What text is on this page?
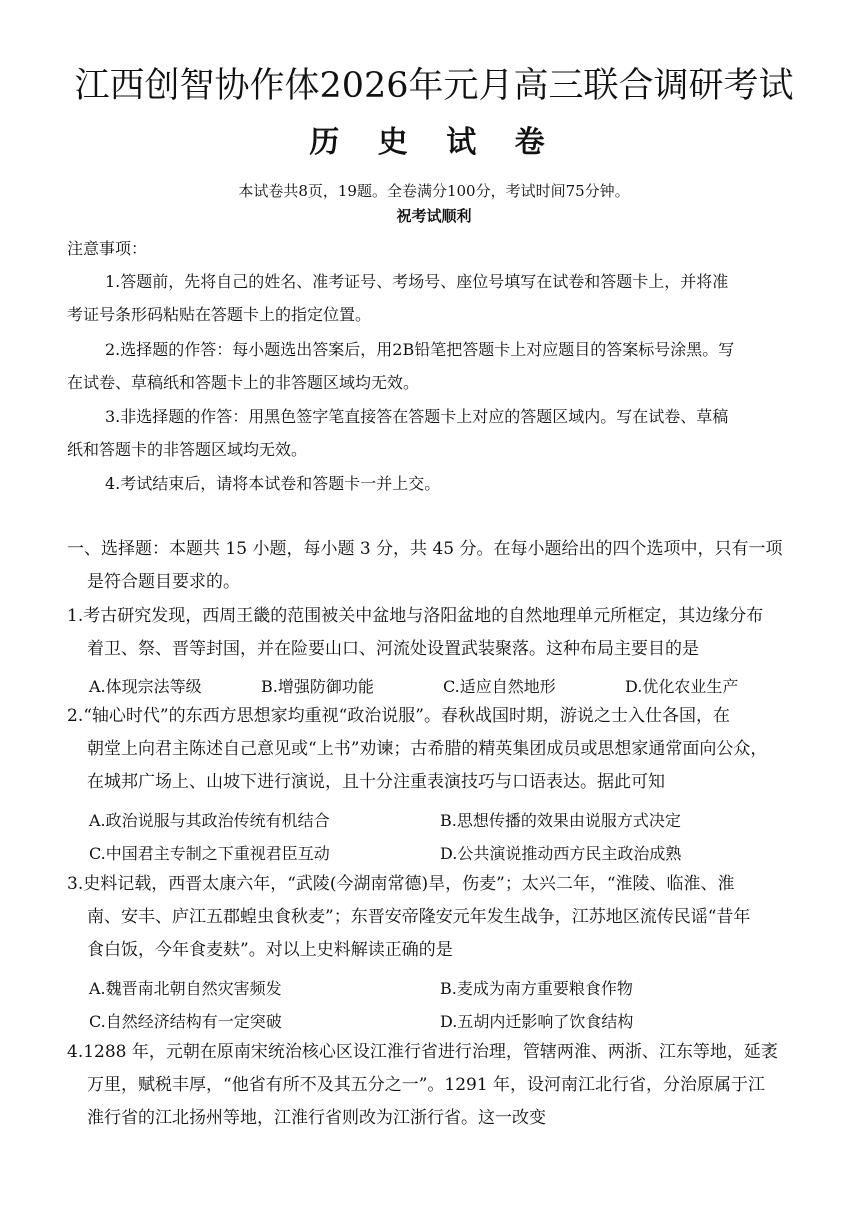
江西创智协作体2026年元月高三联合调研考试
历 史 试 卷
本试卷共8页，19题。全卷满分100分，考试时间75分钟。
祝考试顺利
注意事项：
1.答题前，先将自己的姓名、准考证号、考场号、座位号填写在试卷和答题卡上，并将准
考证号条形码粘贴在答题卡上的指定位置。
2.选择题的作答：每小题选出答案后，用2B铅笔把答题卡上对应题目的答案标号涂黑。写
在试卷、草稿纸和答题卡上的非答题区域均无效。
3.非选择题的作答：用黑色签字笔直接答在答题卡上对应的答题区域内。写在试卷、草稿
纸和答题卡的非答题区域均无效。
4.考试结束后，请将本试卷和答题卡一并上交。
一、选择题：本题共 15 小题，每小题 3 分，共 45 分。在每小题给出的四个选项中，只有一项
是符合题目要求的。
1.考古研究发现，西周王畿的范围被关中盆地与洛阳盆地的自然地理单元所框定，其边缘分布
着卫、祭、晋等封国，并在险要山口、河流处设置武装聚落。这种布局主要目的是
A.体现宗法等级	B.增强防御功能	C.适应自然地形	D.优化农业生产
2.“轴心时代”的东西方思想家均重视“政治说服”。春秋战国时期，游说之士入仕各国，在
朝堂上向君主陈述自己意见或“上书”劝谏；古希腊的精英集团成员或思想家通常面向公众，
在城邦广场上、山坡下进行演说，且十分注重表演技巧与口语表达。据此可知
A.政治说服与其政治传统有机结合	B.思想传播的效果由说服方式决定
C.中国君主专制之下重视君臣互动	D.公共演说推动西方民主政治成熟
3.史料记载，西晋太康六年，“武陵(今湖南常德)旱，伤麦”；太兴二年，“淮陵、临淮、淮
南、安丰、庐江五郡蝗虫食秋麦”；东晋安帝隆安元年发生战争，江苏地区流传民谣“昔年
食白饭，今年食麦麸”。对以上史料解读正确的是
A.魏晋南北朝自然灾害频发	B.麦成为南方重要粮食作物
C.自然经济结构有一定突破	D.五胡内迁影响了饮食结构
4.1288 年，元朝在原南宋统治核心区设江淮行省进行治理，管辖两淮、两浙、江东等地，延袤
万里，赋税丰厚，“他省有所不及其五分之一”。1291 年，设河南江北行省，分治原属于江
淮行省的江北扬州等地，江淮行省则改为江浙行省。这一改变
